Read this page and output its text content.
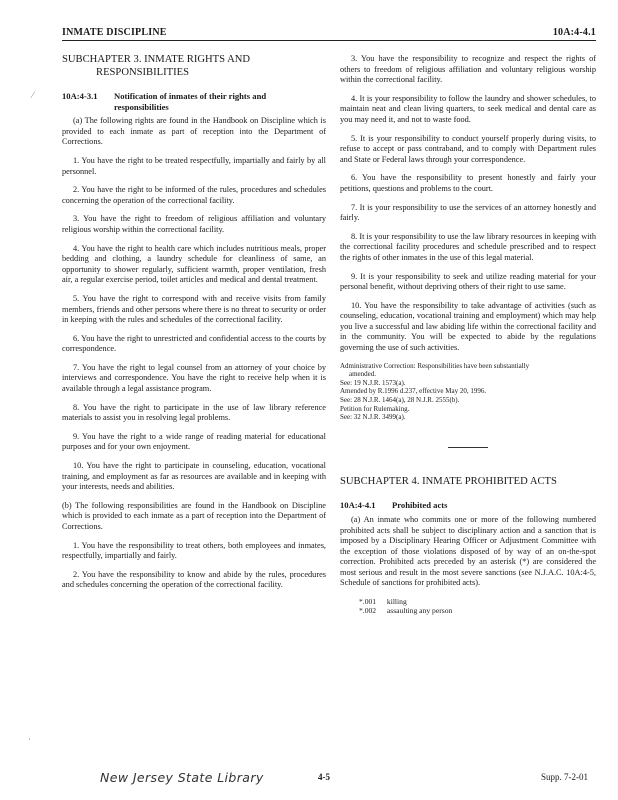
INMATE DISCIPLINE	10A:4-4.1
⁄
·
SUBCHAPTER 3. INMATE RIGHTS AND
RESPONSIBILITIES
10A:4-3.1 Notification of inmates of their rights and
responsibilities

(a) The following rights are found in the Handbook on Discipline which is provided to each inmate as part of reception into the Department of Corrections.

1. You have the right to be treated respectfully, impartially and fairly by all personnel.

2. You have the right to be informed of the rules, procedures and schedules concerning the operation of the correctional facility.

3. You have the right to freedom of religious affiliation and voluntary religious worship within the correctional facility.

4. You have the right to health care which includes nutritious meals, proper bedding and clothing, a laundry schedule for cleanliness of same, an opportunity to shower regularly, sufficient warmth, proper ventilation, fresh air, a regular exercise period, toilet articles and medical and dental treatment.

5. You have the right to correspond with and receive visits from family members, friends and other persons where there is no threat to security or order in keeping with the rules and schedules of the correctional facility.

6. You have the right to unrestricted and confidential access to the courts by correspondence.

7. You have the right to legal counsel from an attorney of your choice by interviews and correspondence. You have the right to receive help when it is available through a legal assistance program.

8. You have the right to participate in the use of law library reference materials to assist you in resolving legal problems.

9. You have the right to a wide range of reading material for educational purposes and for your own enjoyment.

10. You have the right to participate in counseling, education, vocational training, and employment as far as resources are available and in keeping with your interests, needs and abilities.

(b) The following responsibilities are found in the Handbook on Discipline which is provided to each inmate as a part of reception into the Department of Corrections.

1. You have the responsibility to treat others, both employees and inmates, respectfully, impartially and fairly.

2. You have the responsibility to know and abide by the rules, procedures and schedules concerning the operation of the correctional facility.

3. You have the responsibility to recognize and respect the rights of others to freedom of religious affiliation and voluntary religious worship within the correctional facility.

4. It is your responsibility to follow the laundry and shower schedules, to maintain neat and clean living quarters, to seek medical and dental care as you may need it, and not to waste food.

5. It is your responsibility to conduct yourself properly during visits, to refuse to accept or pass contraband, and to comply with Department rules and State or Federal laws through your correspondence.

6. You have the responsibility to present honestly and fairly your petitions, questions and problems to the court.

7. It is your responsibility to use the services of an attorney honestly and fairly.

8. It is your responsibility to use the law library resources in keeping with the correctional facility procedures and schedule prescribed and to respect the rights of other inmates in the use of this legal material.

9. It is your responsibility to seek and utilize reading material for your personal benefit, without depriving others of their right to use same.

10. You have the responsibility to take advantage of activities (such as counseling, education, vocational training and employment) which may help you live a successful and law abiding life within the correctional facility and in the community. You will be expected to abide by the regulations governing the use of such activities.

Administrative Correction: Responsibilities have been substantially

amended.

See: 19 N.J.R. 1573(a).

Amended by R.1996 d.237, effective May 20, 1996.

See: 28 N.J.R. 1464(a), 28 N.J.R. 2555(b).

Petition for Rulemaking.

See: 32 N.J.R. 3499(a).

SUBCHAPTER 4. INMATE PROHIBITED ACTS
10A:4-4.1 Prohibited acts

(a) An inmate who commits one or more of the following numbered prohibited acts shall be subject to disciplinary action and a sanction that is imposed by a Disciplinary Hearing Officer or Adjustment Committee with the exception of those violations disposed of by way of an on-the-spot correction. Prohibited acts preceded by an asterisk (*) are considered the most serious and result in the most severe sanctions (see N.J.A.C. 10A:4-5, Schedule of sanctions for prohibited acts).

*.001 killing
*.002 assaulting any person
New Jersey State Library	4-5	Supp. 7-2-01
